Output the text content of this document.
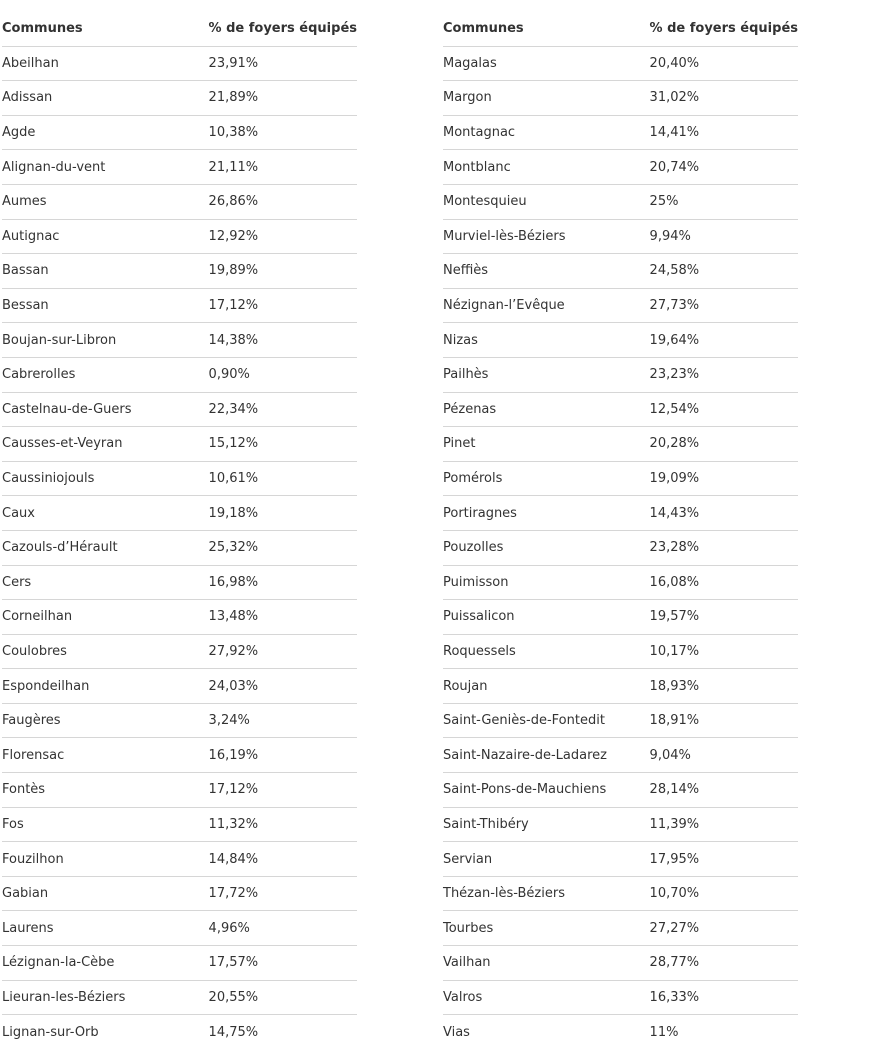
Communes	% de foyers équipés
Abeilhan	23,91%
Adissan	21,89%
Agde	10,38%
Alignan-du-vent	21,11%
Aumes	26,86%
Autignac	12,92%
Bassan	19,89%
Bessan	17,12%
Boujan-sur-Libron	14,38%
Cabrerolles	0,90%
Castelnau-de-Guers	22,34%
Causses-et-Veyran	15,12%
Caussiniojouls	10,61%
Caux	19,18%
Cazouls-d’Hérault	25,32%
Cers	16,98%
Corneilhan	13,48%
Coulobres	27,92%
Espondeilhan	24,03%
Faugères	3,24%
Florensac	16,19%
Fontès	17,12%
Fos	11,32%
Fouzilhon	14,84%
Gabian	17,72%
Laurens	4,96%
Lézignan-la-Cèbe	17,57%
Lieuran-les-Béziers	20,55%
Lignan-sur-Orb	14,75%
Communes	% de foyers équipés
Magalas	20,40%
Margon	31,02%
Montagnac	14,41%
Montblanc	20,74%
Montesquieu	25%
Murviel-lès-Béziers	9,94%
Neffiès	24,58%
Nézignan-l’Evêque	27,73%
Nizas	19,64%
Pailhès	23,23%
Pézenas	12,54%
Pinet	20,28%
Pomérols	19,09%
Portiragnes	14,43%
Pouzolles	23,28%
Puimisson	16,08%
Puissalicon	19,57%
Roquessels	10,17%
Roujan	18,93%
Saint-Geniès-de-Fontedit	18,91%
Saint-Nazaire-de-Ladarez	9,04%
Saint-Pons-de-Mauchiens	28,14%
Saint-Thibéry	11,39%
Servian	17,95%
Thézan-lès-Béziers	10,70%
Tourbes	27,27%
Vailhan	28,77%
Valros	16,33%
Vias	11%
